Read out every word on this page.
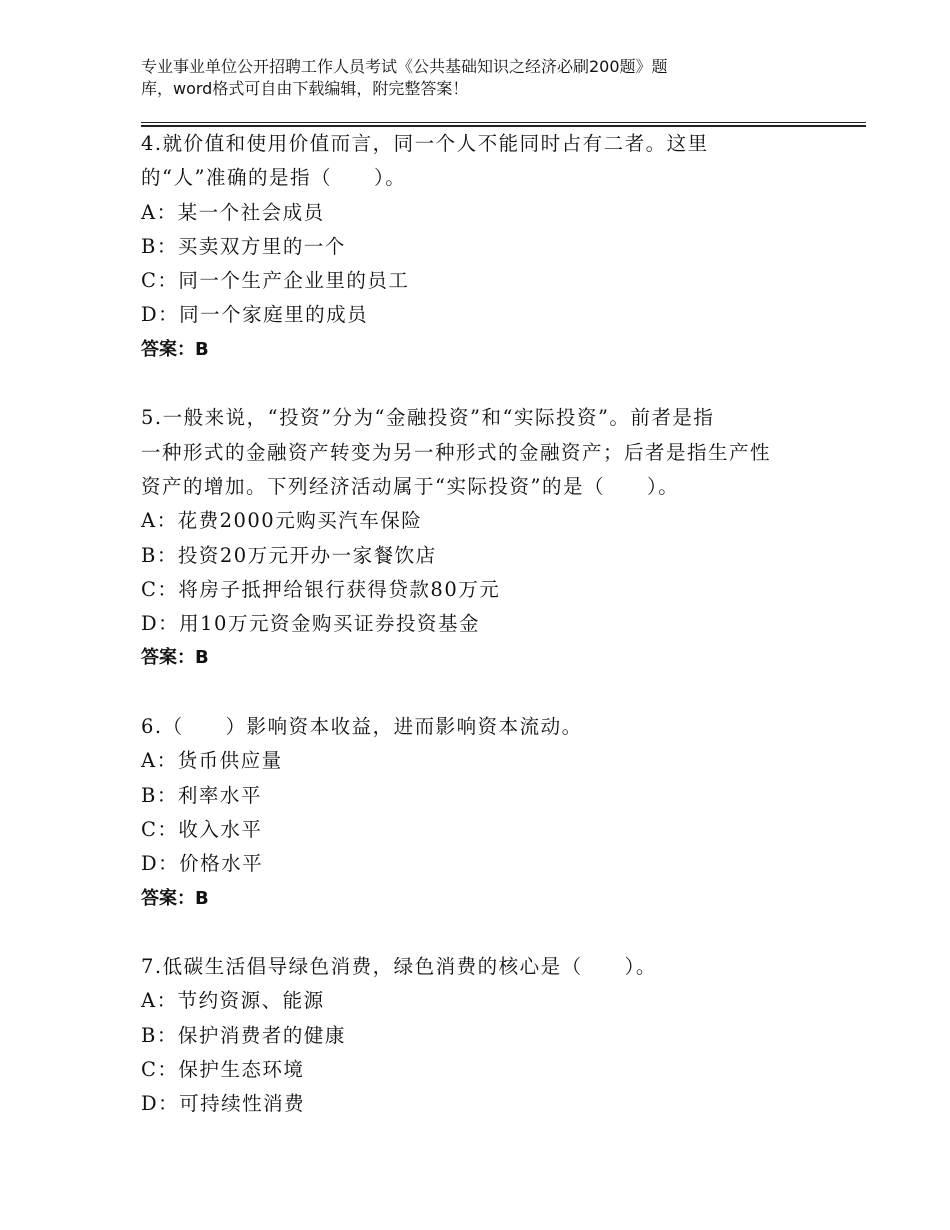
专业事业单位公开招聘工作人员考试《公共基础知识之经济必刷200题》题
库，word格式可自由下载编辑，附完整答案！
4.就价值和使用价值而言，同一个人不能同时占有二者。这里
的“人”准确的是指（　　）。
A：某一个社会成员
B：买卖双方里的一个
C：同一个生产企业里的员工
D：同一个家庭里的成员
答案：B
5.一般来说，“投资”分为“金融投资”和“实际投资”。前者是指
一种形式的金融资产转变为另一种形式的金融资产；后者是指生产性
资产的增加。下列经济活动属于“实际投资”的是（　　）。
A：花费2000元购买汽车保险
B：投资20万元开办一家餐饮店
C：将房子抵押给银行获得贷款80万元
D：用10万元资金购买证券投资基金
答案：B
6.（　　）影响资本收益，进而影响资本流动。
A：货币供应量
B：利率水平
C：收入水平
D：价格水平
答案：B
7.低碳生活倡导绿色消费，绿色消费的核心是（　　）。
A：节约资源、能源
B：保护消费者的健康
C：保护生态环境
D：可持续性消费
